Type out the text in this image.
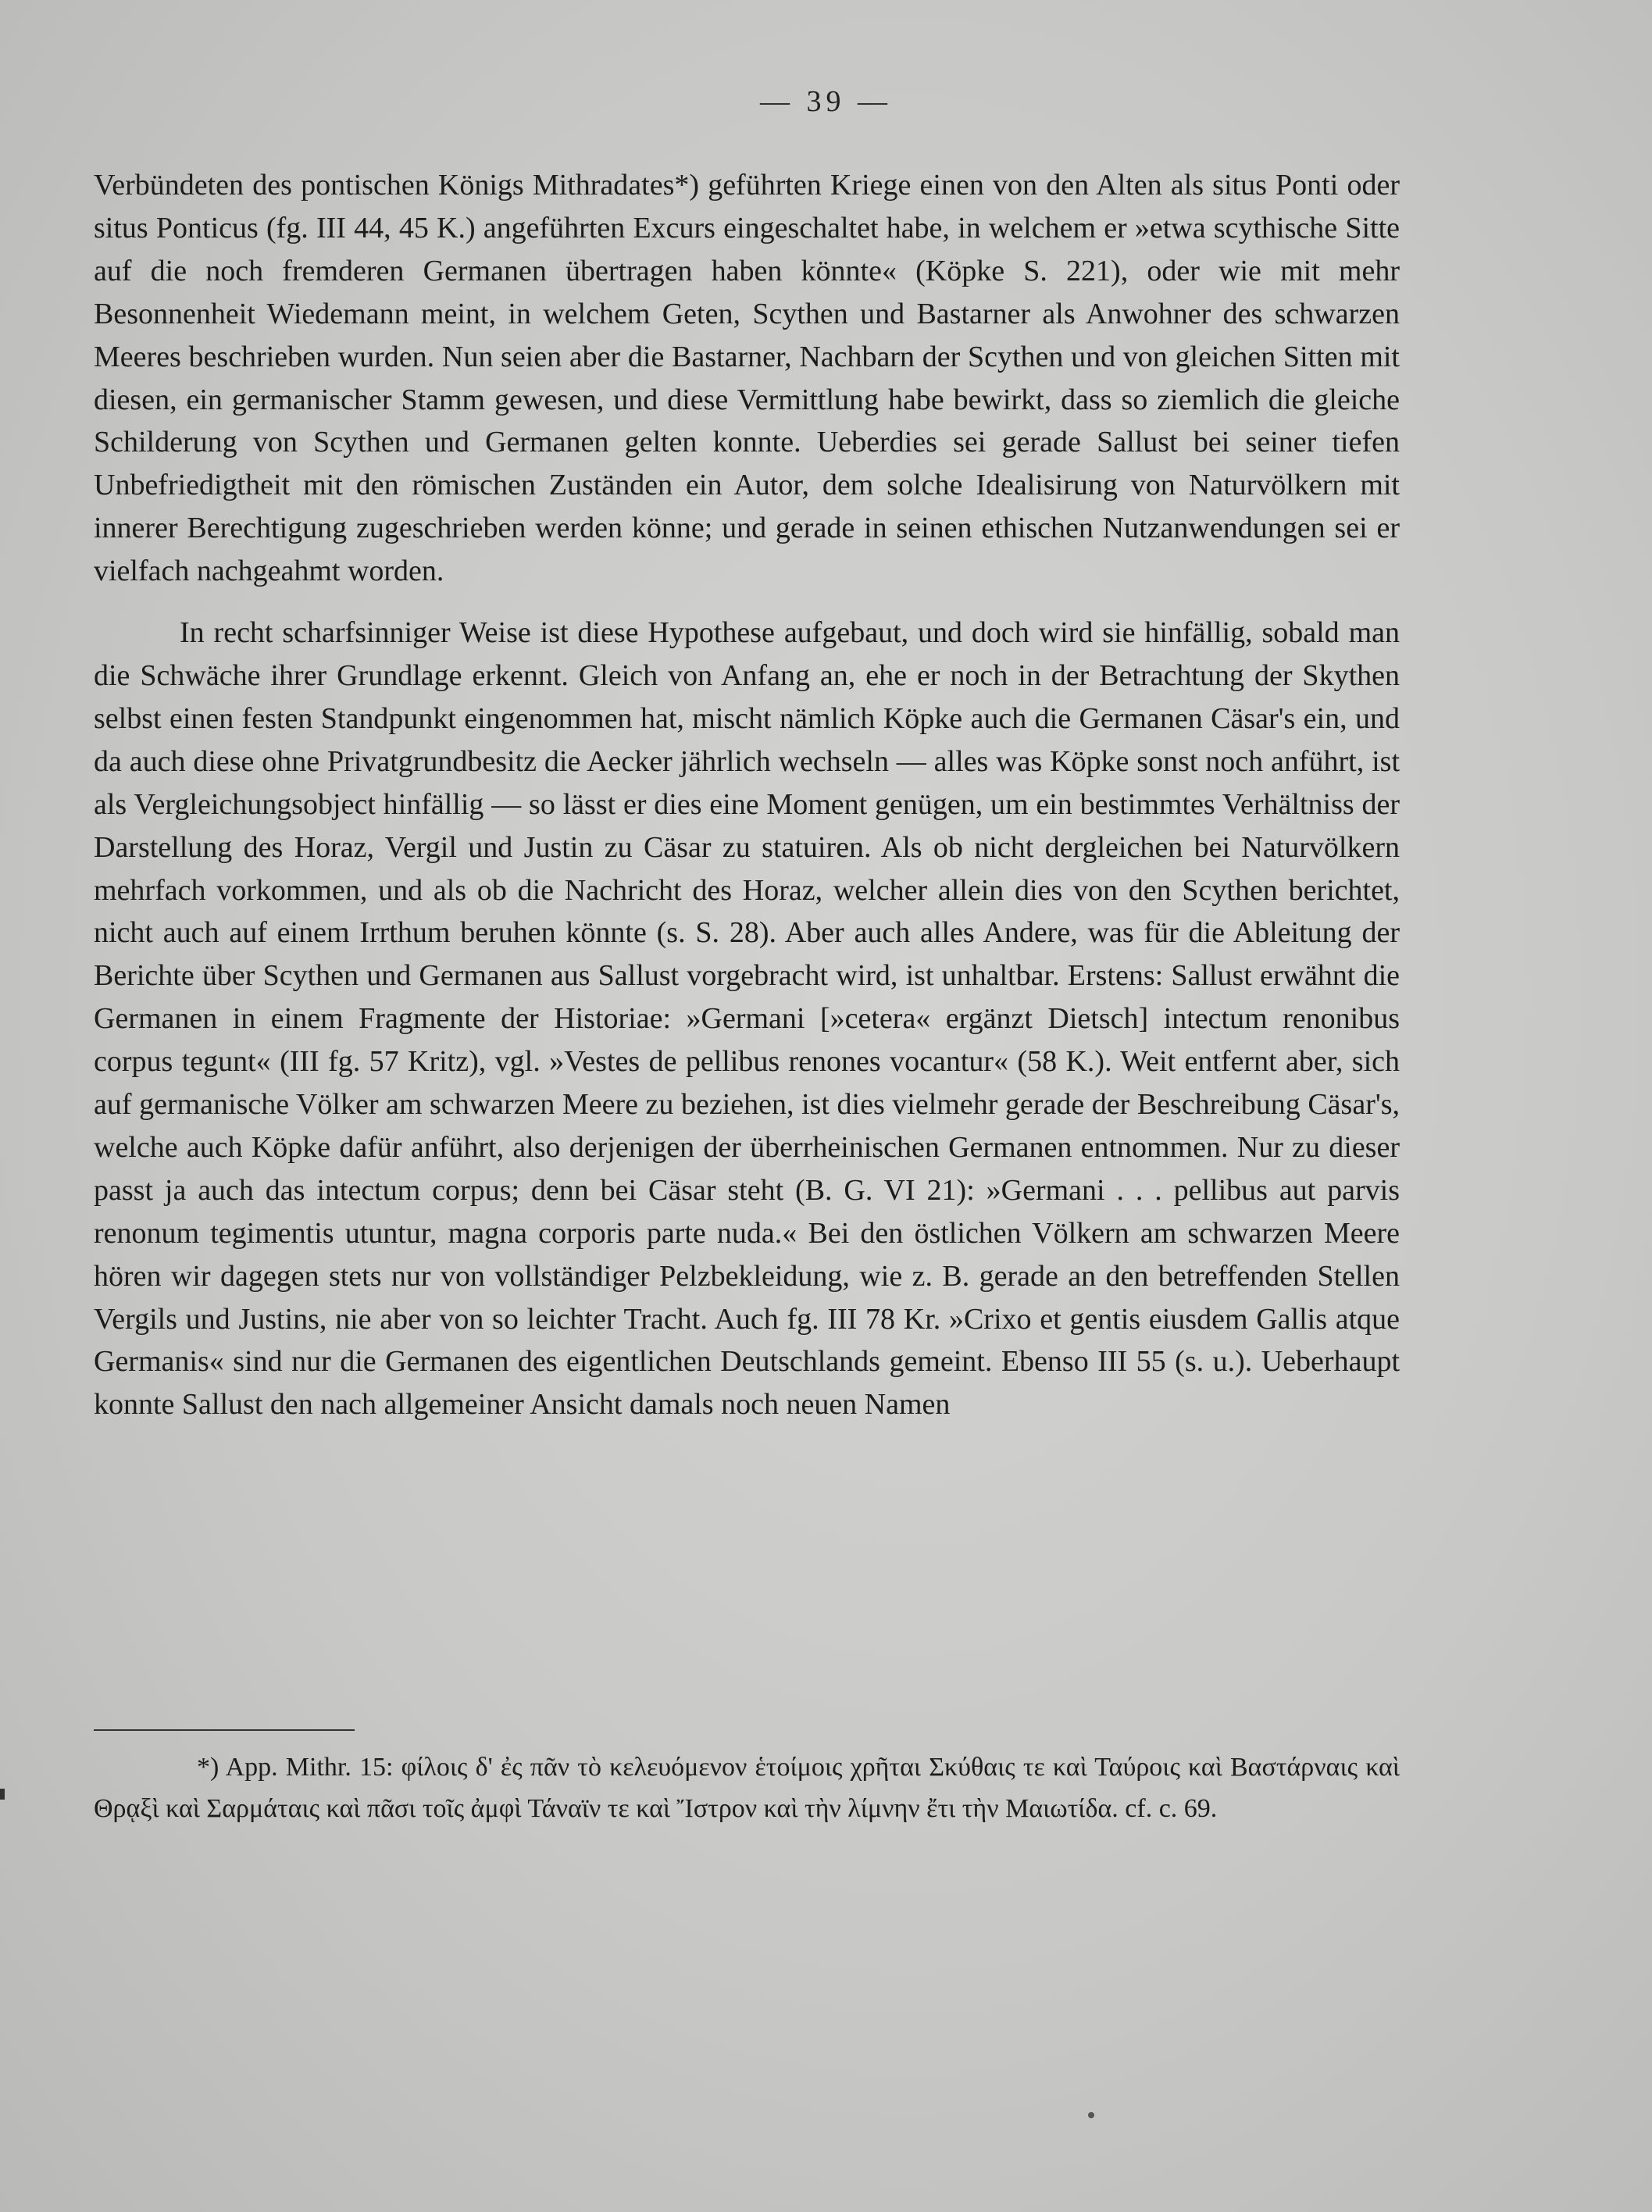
— 39 —

Verbündeten des pontischen Königs Mithradates*) geführten Kriege einen von den Alten als situs Ponti oder situs Ponticus (fg. III 44, 45 K.) angeführten Excurs eingeschaltet habe, in welchem er »etwa scythische Sitte auf die noch fremderen Germanen übertragen haben könnte« (Köpke S. 221), oder wie mit mehr Besonnenheit Wiedemann meint, in welchem Geten, Scythen und Bastarner als Anwohner des schwarzen Meeres beschrieben wurden. Nun seien aber die Bastarner, Nachbarn der Scythen und von gleichen Sitten mit diesen, ein germanischer Stamm gewesen, und diese Vermittlung habe bewirkt, dass so ziemlich die gleiche Schilderung von Scythen und Germanen gelten konnte. Ueberdies sei gerade Sallust bei seiner tiefen Unbefriedigtheit mit den römischen Zuständen ein Autor, dem solche Idealisirung von Naturvölkern mit innerer Berechtigung zugeschrieben werden könne; und gerade in seinen ethischen Nutzanwendungen sei er vielfach nachgeahmt worden.

In recht scharfsinniger Weise ist diese Hypothese aufgebaut, und doch wird sie hinfällig, sobald man die Schwäche ihrer Grundlage erkennt. Gleich von Anfang an, ehe er noch in der Betrachtung der Skythen selbst einen festen Standpunkt eingenommen hat, mischt nämlich Köpke auch die Germanen Cäsar's ein, und da auch diese ohne Privatgrundbesitz die Aecker jährlich wechseln — alles was Köpke sonst noch anführt, ist als Vergleichungsobject hinfällig — so lässt er dies eine Moment genügen, um ein bestimmtes Verhältniss der Darstellung des Horaz, Vergil und Justin zu Cäsar zu statuiren. Als ob nicht dergleichen bei Naturvölkern mehrfach vorkommen, und als ob die Nachricht des Horaz, welcher allein dies von den Scythen berichtet, nicht auch auf einem Irrthum beruhen könnte (s. S. 28). Aber auch alles Andere, was für die Ableitung der Berichte über Scythen und Germanen aus Sallust vorgebracht wird, ist unhaltbar. Erstens: Sallust erwähnt die Germanen in einem Fragmente der Historiae: »Germani [»cetera« ergänzt Dietsch] intectum renonibus corpus tegunt« (III fg. 57 Kritz), vgl. »Vestes de pellibus renones vocantur« (58 K.). Weit entfernt aber, sich auf germanische Völker am schwarzen Meere zu beziehen, ist dies vielmehr gerade der Beschreibung Cäsar's, welche auch Köpke dafür anführt, also derjenigen der überrheinischen Germanen entnommen. Nur zu dieser passt ja auch das intectum corpus; denn bei Cäsar steht (B. G. VI 21): »Germani . . . pellibus aut parvis renonum tegimentis utuntur, magna corporis parte nuda.« Bei den östlichen Völkern am schwarzen Meere hören wir dagegen stets nur von vollständiger Pelzbekleidung, wie z. B. gerade an den betreffenden Stellen Vergils und Justins, nie aber von so leichter Tracht. Auch fg. III 78 Kr. »Crixo et gentis eiusdem Gallis atque Germanis« sind nur die Germanen des eigentlichen Deutschlands gemeint. Ebenso III 55 (s. u.). Ueberhaupt konnte Sallust den nach allgemeiner Ansicht damals noch neuen Namen

*) App. Mithr. 15: φίλοις δ' ἐς πᾶν τὸ κελευόμενον ἑτοίμοις χρῆται Σκύθαις τε καὶ Ταύροις καὶ Βαστάρναις καὶ Θρᾳξὶ καὶ Σαρμάταις καὶ πᾶσι τοῖς ἀμφὶ Τάναϊν τε καὶ Ἴστρον καὶ τὴν λίμνην ἔτι τὴν Μαιωτίδα. cf. c. 69.
